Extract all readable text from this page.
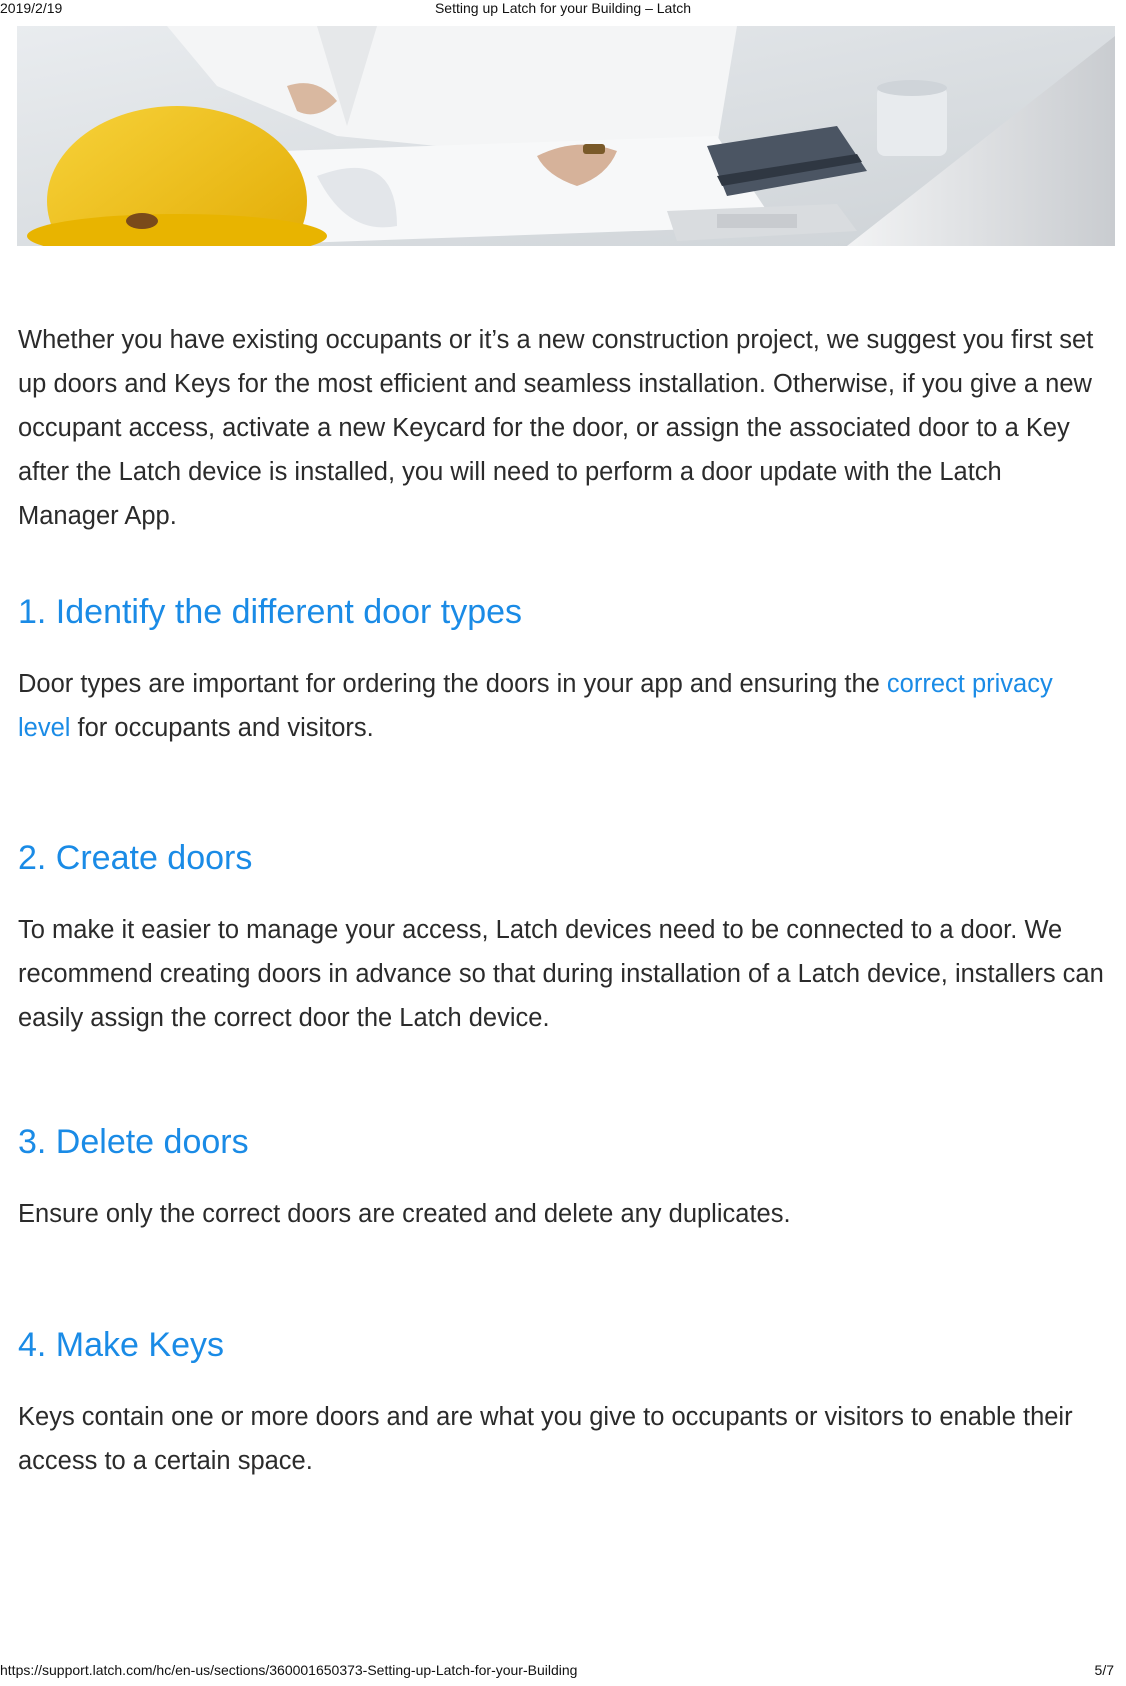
2019/2/19	Setting up Latch for your Building – Latch

Whether you have existing occupants or it’s a new construction project, we suggest you first set up doors and Keys for the most efficient and seamless installation. Otherwise, if you give a new occupant access, activate a new Keycard for the door, or assign the associated door to a Key after the Latch device is installed, you will need to perform a door update with the Latch Manager App.

1. Identify the different door types

Door types are important for ordering the doors in your app and ensuring the correct privacy level for occupants and visitors.

2. Create doors

To make it easier to manage your access, Latch devices need to be connected to a door. We recommend creating doors in advance so that during installation of a Latch device, installers can easily assign the correct door the Latch device.

3. Delete doors

Ensure only the correct doors are created and delete any duplicates.

4. Make Keys

Keys contain one or more doors and are what you give to occupants or visitors to enable their access to a certain space.

https://support.latch.com/hc/en-us/sections/360001650373-Setting-up-Latch-for-your-Building	5/7
